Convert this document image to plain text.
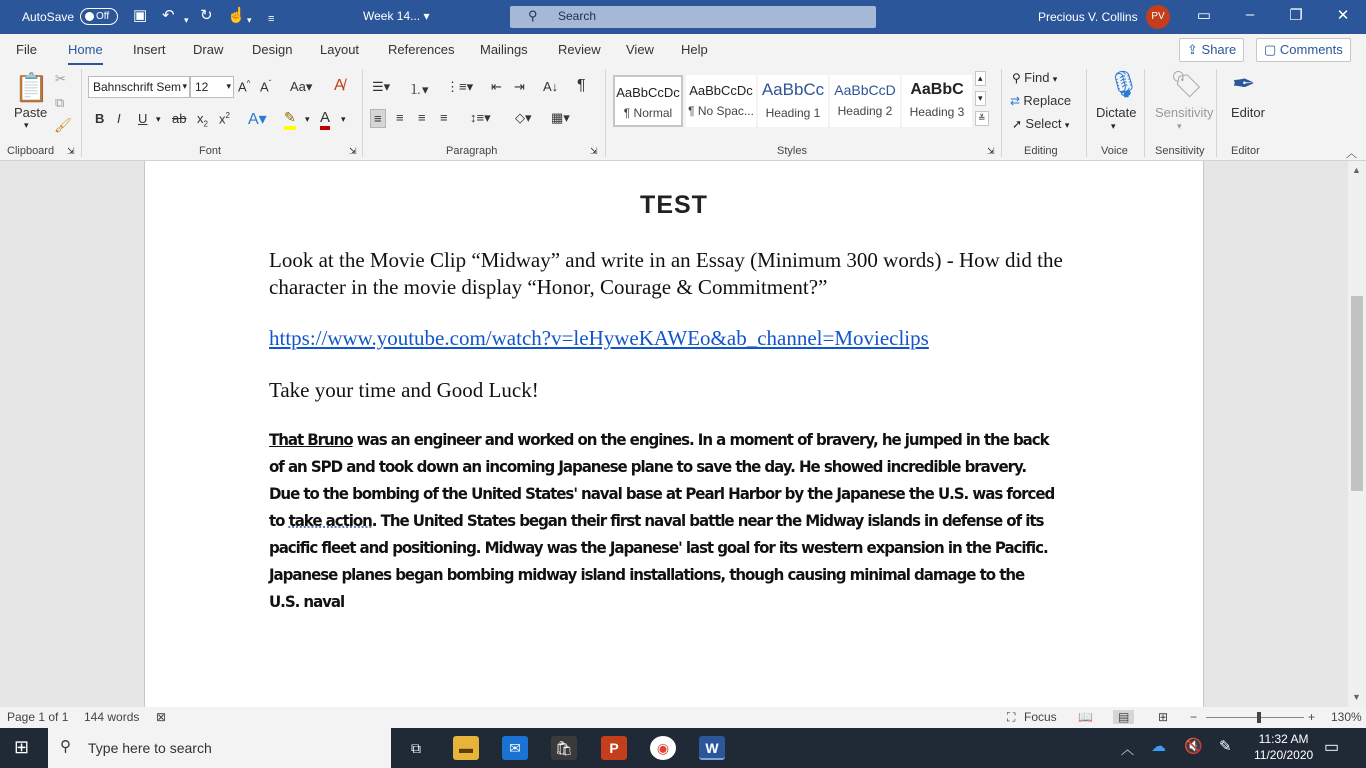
AutoSave	Off	▣ ↶ ▾ ↻ ☝ ▾ ≡	Week 14... ▾	⚲ Search	Precious V. Collins	PV	▭	–	❐ ✕
File Home Insert Draw Design Layout References Mailings Review View Help	⇪ Share	▢ Comments
📋
Paste
▾
✂
⧉
🖌
Clipboard ⇲
Bahnschrift Sem ▾ 12 ▾ A^ $A^ˇ$ Aa▾ A̸
B I U ▾ ab $x_2$ $x^2$ A▾ ✎ ▾ A ▾
Font	⇲
☰▾ ⒈▾ ⋮≡▾ ⇤ ⇥ A↓ ¶
≡	≡ ≡ ≡ ↕≡▾ ◇▾ ▦▾
Paragraph	⇲
AaBbCcDc
¶ Normal
AaBbCcDc
¶ No Spac...
AaBbCc
Heading 1
AaBbCcD
Heading 2
AaBbC
Heading 3
▴
▾
≚
Styles	⇲
⚲ Find ▾
⇄ Replace
➚ Select ▾
Editing
🎙
Dictate
▾
Voice
🏷
Sensitivity
▾
Sensitivity
✒
Editor
Editor	︿
TEST
Look at the Movie Clip “Midway” and write in an Essay (Minimum 300 words) - How did the character in the movie display “Honor, Courage & Commitment?”
https://www.youtube.com/watch?v=leHyweKAWEo&ab_channel=Movieclips
Take your time and Good Luck!
That Bruno was an engineer and worked on the engines. In a moment of bravery, he jumped in the back of an SPD and took down an incoming Japanese plane to save the day. He showed incredible bravery. Due to the bombing of the United States' naval base at Pearl Harbor by the Japanese the U.S. was forced to take action. The United States began their first naval battle near the Midway islands in defense of its pacific fleet and positioning. Midway was the Japanese' last goal for its western expansion in the Pacific. Japanese planes began bombing midway island installations, though causing minimal damage to the U.S. naval
▲
▼
Page 1 of 1 144 words ⊠	⛶ Focus 📖	▤	⊞ −	+ 130%
⊞ ⚲ Type here to search	⧉	▬	✉	🛍	P	◉	W	︿ ☁ 🔇 ✎	11:32 AM
11/20/2020 ▭
